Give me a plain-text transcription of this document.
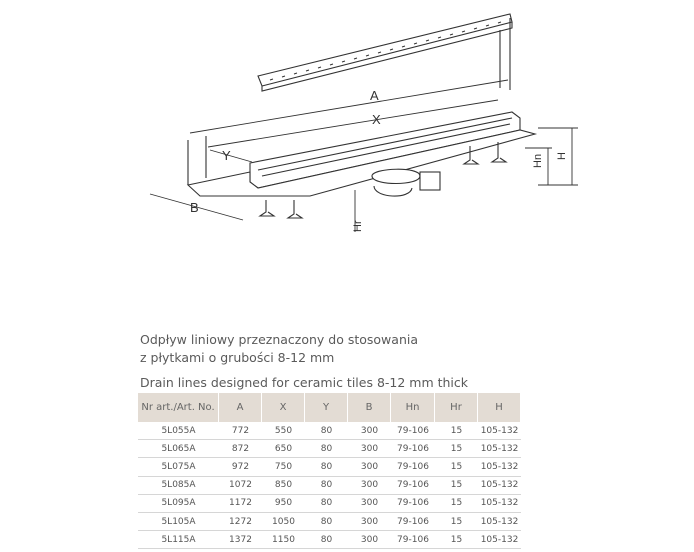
A
X
Y
B
H
Hn
Hr
Odpływ liniowy przeznaczony do stosowania
z płytkami o grubości 8-12 mm
Drain lines designed for ceramic tiles 8-12 mm thick
Nr art./Art. No.	A	X	Y	B	Hn	Hr	H
5L055A	772	550	80	300	79-106	15	105-132
5L065A	872	650	80	300	79-106	15	105-132
5L075A	972	750	80	300	79-106	15	105-132
5L085A	1072	850	80	300	79-106	15	105-132
5L095A	1172	950	80	300	79-106	15	105-132
5L105A	1272	1050	80	300	79-106	15	105-132
5L115A	1372	1150	80	300	79-106	15	105-132
